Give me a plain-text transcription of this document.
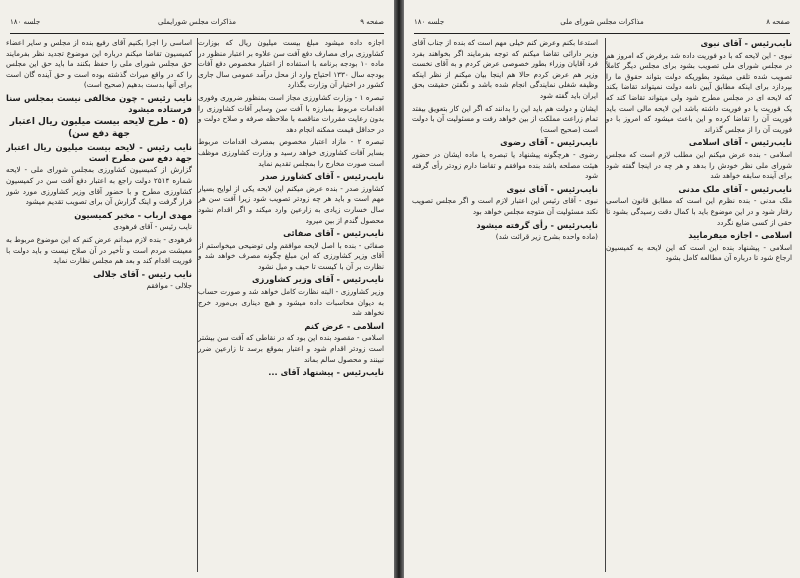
صفحه ۹
مذاکرات مجلس شورایملی
جلسه ۱۸۰

اجازه داده میشود مبلغ بیست میلیون ریال که بوزارت کشاورزی برای مصارف دفع آفت سن علاوه بر اعتبار منظور در ماده ۱۰ بودجه برنامه با استفاده از اعتبار مخصوص دفع آفات بودجه سال ۱۳۳۰ احتیاج وارد از محل درآمد عمومی سال جاری کشور در اختیار آن وزارت بگذارد

تبصره ۱ - وزارت کشاورزی مجاز است بمنظور ضروری وفوری اقدامات مربوط بمبارزه با آفت سن وسایر آفات کشاورزی را بدون رعایت مقررات مناقصه با ملاحظه صرفه و صلاح دولت و در حداقل قیمت ممکنه انجام دهد

تبصره ۲ - مازاد اعتبار مخصوص بمصرف اقدامات مربوط بسایر آفات کشاورزی خواهد رسید و وزارت کشاورزی موظف است صورت مخارج را بمجلس تقدیم نماید

نایب‌رئیس - آقای کشاورز صدر

کشاورز صدر - بنده عرض میکنم این لایحه یکی از لوایح بسیار مهم است و باید هر چه زودتر تصویب شود زیرا آفت سن هر سال خسارت زیادی به زارعین وارد میکند و اگر اقدام نشود محصول گندم از بین میرود

نایب‌رئیس - آقای صفائی

صفائی - بنده با اصل لایحه موافقم ولی توضیحی میخواستم از آقای وزیر کشاورزی که این مبلغ چگونه مصرف خواهد شد و نظارت بر آن با کیست تا حیف و میل نشود

نایب‌رئیس - آقای وزیر کشاورزی

وزیر کشاورزی - البته نظارت کامل خواهد شد و صورت حساب به دیوان محاسبات داده میشود و هیچ دیناری بی‌مورد خرج نخواهد شد

اسلامی - عرض کنم

اسلامی - مقصود بنده این بود که در نقاطی که آفت سن بیشتر است زودتر اقدام شود و اعتبار بموقع برسد تا زارعین ضرر نبینند و محصول سالم بماند

نایب‌رئیس - پیشنهاد آقای ...

اساسی را اجرا بکنیم آقای رفیع بنده از مجلس و سایر اعضاء کمیسیون تقاضا میکنم درباره این موضوع تجدید نظر بفرمایند حق مجلس شورای ملی را حفظ بکنند ما باید حق این مجلس را که در واقع میراث گذشته بوده است و حق آینده گان است برای آنها بدست بدهیم (صحیح است)

نایب رئیس - چون مخالفی نیست بمجلس سنا فرستاده میشود

(۵ - طرح لایحه بیست میلیون ریال اعتبار جهة دفع سن)

نایب رئیس - لایحه بیست میلیون ریال اعتبار جهة دفع سن مطرح است

گزارش از کمیسیون کشاورزی بمجلس شورای ملی - لایحه شماره ۲۵۱۴ دولت راجع به اعتبار دفع آفت سن در کمیسیون کشاورزی مطرح و با حضور آقای وزیر کشاورزی مورد شور قرار گرفت و اینک گزارش آن برای تصویب تقدیم میشود

مهدی ارباب - مخبر کمیسیون

نایب رئیس - آقای فرهودی

فرهودی - بنده لازم میدانم عرض کنم که این موضوع مربوط به معیشت مردم است و تأخیر در آن صلاح نیست و باید دولت با فوریت اقدام کند و بعد هم مجلس نظارت نماید

نایب رئیس - آقای جلالی

جلالی - موافقم

صفحه ۸
مذاکرات مجلس شورای ملی
جلسه ۱۸۰

نایب‌رئیس - آقای نبوی

نبوی - این لایحه که با دو فوریت داده شد برفرض که امروز هم در مجلس شورای ملی تصویب بشود برای مجلس دیگر کاملاً تصویب شده تلقی میشود بطوریکه دولت بتواند حقوق ما را بپردازد برای اینکه مطابق آیین نامه دولت نمیتواند تقاضا بکند که لایحه ای در مجلس مطرح شود ولی میتواند تقاضا کند که یک فوریت یا دو فوریت داشته باشد این لایحه مالی است باید فوریت آن را تقاضا کرده و این باعث میشود که امروز با دو فوریت آن را از مجلس گذراند

نایب‌رئیس - آقای اسلامی

اسلامی - بنده عرض میکنم این مطلب لازم است که مجلس شورای ملی نظر خودش را بدهد و هر چه در اینجا گفته شود برای آینده سابقه خواهد شد

نایب‌رئیس - آقای ملک مدنی

ملک مدنی - بنده نظرم این است که مطابق قانون اساسی رفتار شود و در این موضوع باید با کمال دقت رسیدگی بشود تا حقی از کسی ضایع نگردد

اسلامی - اجازه میفرمایید

اسلامی - پیشنهاد بنده این است که این لایحه به کمیسیون ارجاع شود تا درباره آن مطالعه کامل بشود

استدعا بکنم وعرض کنم خیلی مهم است که بنده از جناب آقای وزیر دارائی تقاضا میکنم که توجه بفرمایند اگر بخواهند بفرد فرد آقایان وزراء بطور خصوصی عرض کردم و به آقای نخست وزیر هم عرض کردم حالا هم اینجا بیان میکنم از نظر اینکه وظیفه شغلی نمایندگی انجام شده باشد و نگفتن حقیقت بحق ایران باید گفته شود

ایشان و دولت هم باید این را بدانند که اگر این کار بتعویق بیفتد تمام زراعت مملکت از بین خواهد رفت و مسئولیت آن با دولت است (صحیح است)

نایب‌رئیس - آقای رضوی

رضوی - هرچگونه پیشنهاد یا تبصره یا ماده ایشان در حضور هیئت مصلحه باشد بنده موافقم و تقاضا دارم زودتر رأی گرفته شود

نایب‌رئیس - آقای نبوی

نبوی - آقای رئیس این اعتبار لازم است و اگر مجلس تصویب نکند مسئولیت آن متوجه مجلس خواهد بود

نایب‌رئیس - رأی گرفته میشود

(ماده واحده بشرح زیر قرائت شد)
